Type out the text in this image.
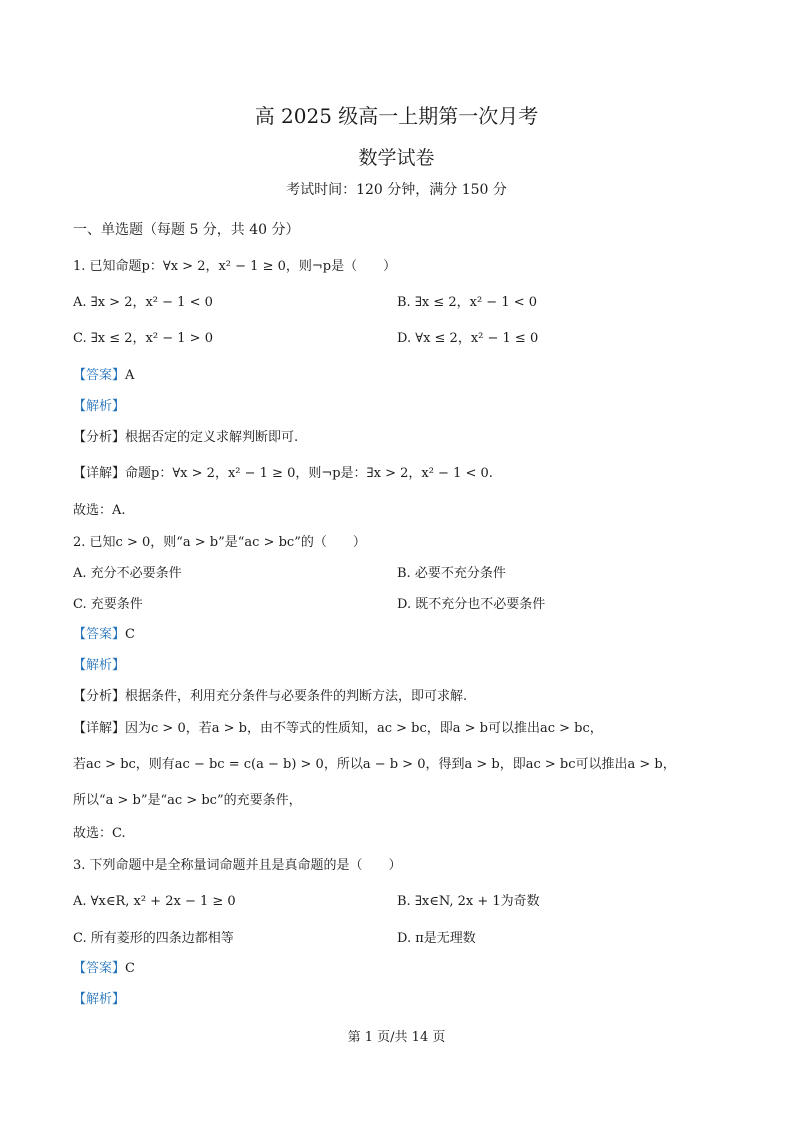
高 2025 级高一上期第一次月考
数学试卷
考试时间：120 分钟，满分 150 分
一、单选题（每题 5 分，共 40 分）
1. 已知命题p：∀x > 2，x² − 1 ≥ 0，则¬p是（　　）
A. ∃x > 2，x² − 1 < 0	B. ∃x ≤ 2，x² − 1 < 0
C. ∃x ≤ 2，x² − 1 > 0	D. ∀x ≤ 2，x² − 1 ≤ 0
【答案】A
【解析】
【分析】根据否定的定义求解判断即可.
【详解】命题p：∀x > 2，x² − 1 ≥ 0，则¬p是：∃x > 2，x² − 1 < 0.
故选：A.
2. 已知c > 0，则“a > b”是“ac > bc”的（　　）
A. 充分不必要条件	B. 必要不充分条件
C. 充要条件	D. 既不充分也不必要条件
【答案】C
【解析】
【分析】根据条件，利用充分条件与必要条件的判断方法，即可求解.
【详解】因为c > 0，若a > b，由不等式的性质知，ac > bc，即a > b可以推出ac > bc，
若ac > bc，则有ac − bc = c(a − b) > 0，所以a − b > 0，得到a > b，即ac > bc可以推出a > b，
所以“a > b”是“ac > bc”的充要条件，
故选：C.
3. 下列命题中是全称量词命题并且是真命题的是（　　）
A. ∀x∈R, x² + 2x − 1 ≥ 0	B. ∃x∈N, 2x + 1为奇数
C. 所有菱形的四条边都相等	D. π是无理数
【答案】C
【解析】
第 1 页/共 14 页
